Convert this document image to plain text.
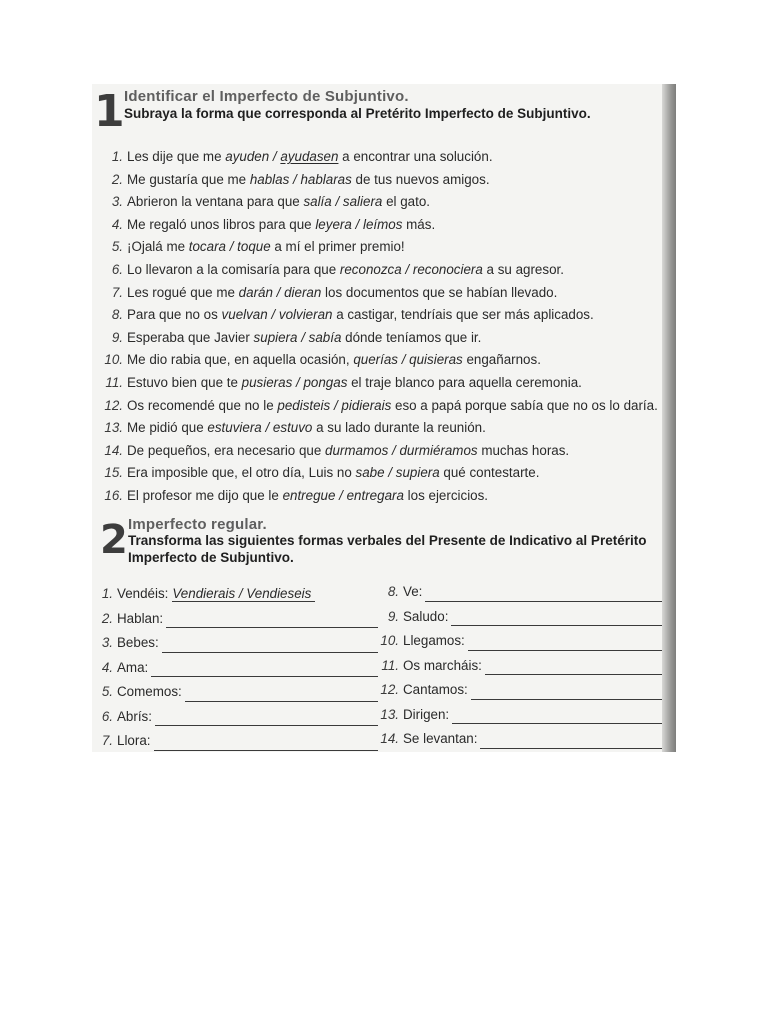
1 Identificar el Imperfecto de Subjuntivo.
Subraya la forma que corresponda al Pretérito Imperfecto de Subjuntivo.
1. Les dije que me ayuden / ayudasen a encontrar una solución.
2. Me gustaría que me hablas / hablaras de tus nuevos amigos.
3. Abrieron la ventana para que salía / saliera el gato.
4. Me regaló unos libros para que leyera / leímos más.
5. ¡Ojalá me tocara / toque a mí el primer premio!
6. Lo llevaron a la comisaría para que reconozca / reconociera a su agresor.
7. Les rogué que me darán / dieran los documentos que se habían llevado.
8. Para que no os vuelvan / volvieran a castigar, tendríais que ser más aplicados.
9. Esperaba que Javier supiera / sabía dónde teníamos que ir.
10. Me dio rabia que, en aquella ocasión, querías / quisieras engañarnos.
11. Estuvo bien que te pusieras / pongas el traje blanco para aquella ceremonia.
12. Os recomendé que no le pedisteis / pidierais eso a papá porque sabía que no os lo daría.
13. Me pidió que estuviera / estuvo a su lado durante la reunión.
14. De pequeños, era necesario que durmamos / durmiéramos muchas horas.
15. Era imposible que, el otro día, Luis no sabe / supiera qué contestarte.
16. El profesor me dijo que le entregue / entregara los ejercicios.
2 Imperfecto regular.
Transforma las siguientes formas verbales del Presente de Indicativo al Pretérito Imperfecto de Subjuntivo.
1. Vendéis: Vendierais / Vendieseis
2. Hablan:
3. Bebes:
4. Ama:
5. Comemos:
6. Abrís:
7. Llora:
8. Ve:
9. Saludo:
10. Llegamos:
11. Os marcháis:
12. Cantamos:
13. Dirigen:
14. Se levantan:
